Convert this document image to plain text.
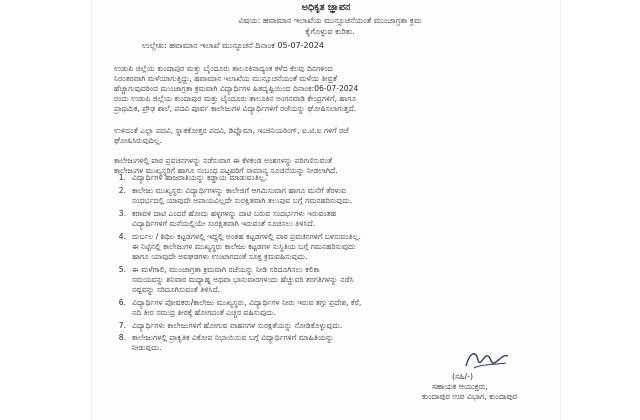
ಅಧಿಕೃತ ಜ್ಞಾಪನ
ವಿಷಯ: ಹವಾಮಾನ ಇಲಾಖೆಯ ಮುನ್ಸೂಚನೆಯಂತೆ ಮುಂಜಾಗ್ರತಾ ಕ್ರಮ
ಕೈಗೊಳ್ಳುವ ಕುರಿತು.
ಉಲ್ಲೇಖ: ಹವಾಮಾನ ಇಲಾಖೆ ಮುನ್ಸೂಚನೆ ದಿನಾಂಕ 05-07-2024
ಉಡುಪಿ ಜಿಲ್ಲೆಯ ಕುಂದಾಪುರ ಮತ್ತು ಬೈಂದೂರು ತಾಲೂಕಿನಾದ್ಯಂತ ಕಳೆದ ಕೆಲವು ದಿನಗಳಿಂದ
ನಿರಂತರವಾಗಿ ಮಳೆಯಾಗುತ್ತಿದ್ದು, ಹವಾಮಾನ ಇಲಾಖೆಯ ಮುನ್ಸೂಚನೆಯಂತೆ ಮಳೆಯ ತೀವ್ರತೆ
ಹೆಚ್ಚಾಗುವುದರಿಂದ ಮುಂಜಾಗ್ರತಾ ಕ್ರಮವಾಗಿ ವಿದ್ಯಾರ್ಥಿಗಳ ಹಿತದೃಷ್ಟಿಯಿಂದ ದಿನಾಂಕ:06-07-2024
ರಂದು ಉಡುಪಿ ಜಿಲ್ಲೆಯ ಕುಂದಾಪುರ ಮತ್ತು ಬೈಂದೂರು ತಾಲೂಕಿನ ಅಂಗನವಾಡಿ ಕೇಂದ್ರಗಳಿಗೆ, ಹಾಗೂ
ಪ್ರಾಥಮಿಕ, ಪ್ರೌಢ ಶಾಲೆ, ಪದವಿ ಪೂರ್ವ ಕಾಲೇಜುಗಳ ವಿದ್ಯಾರ್ಥಿಗಳಿಗೆ ರಜೆಯನ್ನು ಘೋಷಿಸಲಾಗುತ್ತದೆ.
ಉಳಿದಂತೆ ಎಲ್ಲಾ ಪದವಿ, ಸ್ನಾತಕೋತ್ತರ ಪದವಿ, ಡಿಪ್ಲೊಮಾ, ಇಂಜಿನಿಯರಿಂಗ್, ಐ.ಟಿ.ಐ ಗಳಿಗೆ ರಜೆ
ಘೋಷಿಸಿರುವುದಿಲ್ಲ.
ಕಾಲೇಜುಗಳಲ್ಲಿ ಪಾಠ ಪ್ರವಚನಗಳನ್ನು ನಡೆಸುವಾಗ ಈ ಕೆಳಕಂಡ ಅಂಶಗಳನ್ನು ಪರಿಗಣಿಸುವಂತೆ
ಕಾಲೇಜುಗಳ ಮುಖ್ಯಸ್ಥರಿಗೆ ಹಾಗೂ ಸಂಬಂಧ ಪಟ್ಟವರಿಗೆ ಸಾಮಾನ್ಯ ಸೂಚನೆಯನ್ನು ನೀಡಲಾಗಿದೆ.

1. ವಿದ್ಯಾರ್ಥಿಗಳ ಹಾಜರಾತಿಯನ್ನು ಕಡ್ಡಾಯ ಮಾಡುವಂತಿಲ್ಲ.

2. ಕಾಲೇಜು ಮುಖ್ಯಸ್ಥರು ವಿದ್ಯಾರ್ಥಿಗಳನ್ನು ಕಾಲೇಜಿಗೆ ಆಗಮಿಸುವಾಗ ಹಾಗೂ ಮನೆಗೆ ತೆರಳುವ
ಸಂಧರ್ಭದಲ್ಲಿ ಯಾವುದೇ ಅಪಾಯವಿಲ್ಲದೇ ಸುರಕ್ಷಿತವಾಗಿ ತಲುಪುವ ಬಗ್ಗೆ ಗಮನಹರಿಸುವುದು.

3. ಕರಾವಳಿ ದಾಟಿ ಎಂದರೆ ಹೋದು ಹಳ್ಳಗಳನ್ನು ದಾಟಿ ಬರುವ ಸಂದರ್ಭಗಳು ಇರುವಂತಹ
ವಿದ್ಯಾರ್ಥಿಗಳಿಗೆ ಮನೆಯಲ್ಲಿಯೇ ಸುರಕ್ಷಿತವಾಗಿ ಇರುವಂತೆ ಸೂಚಿಸಲು ತಿಳಿಸಿದೆ.

4. ದುರ್ಬಲ / ಶಿಥಿಲ ಕಟ್ಟಡಗಳಲ್ಲಿ ಇದ್ದಲ್ಲಿ ಅಂತಹ ಕಟ್ಟಡಗಳಲ್ಲಿ ಪಾಠ ಪ್ರವಚನಗಳಿಗೆ ಬಳಸುವಂತಿಲ್ಲ.
ಈ ನಿಟ್ಟಿನಲ್ಲಿ ಕಾಲೇಜುಗಳ ಮುಖ್ಯಸ್ಥರು ಕಾಲೇಜು ಕಟ್ಟಡಗಳ ಸುಸ್ಥಿತಿಯ ಬಗ್ಗೆ ಗಮನಹರಿಸುವುದು
ಹಾಗೂ ಯಾವುದೇ ಅವಘಡಗಳು ಉಂಟಾಗದಂತೆ ಸೂಕ್ತ ಕ್ರಮವಹಿಸುವುದು.

5. ಈ ಮಳೆಗಾಲಿ, ಮುಂಜಾಗ್ರತಾ ಕ್ರಮವಾಗಿ ರಜೆಯನ್ನು ನೀಡಿ ಸರಿದೂಗಿಸಲು ಕಲಿಕಾ
ಸಮಯವನ್ನು ಶನಿವಾರ ಮಧ್ಯಾಹ್ನ ಅಥವಾ ಭಾನುವಾರಗಳಂದು ಹೆಚ್ಚುವರಿ ತರಗತಿಗಳನ್ನು ನಡೆಸಿ
ನಷ್ಟವನ್ನು ಸರಿದೂಗಿಸುವಂತೆ ತಿಳಿಸಿದೆ.

6. ವಿದ್ಯಾರ್ಥಿಗಳ ಪೋಷಕರು/ಕಾಲೇಜು ಮುಖ್ಯಸ್ಥರು, ವಿದ್ಯಾರ್ಥಿಗಳ ನೀರು ಇರುವ ತಗ್ಗು ಪ್ರದೇಶ, ಕೆರೆ,
ನದಿ ತೀರ ಸಮುದ್ರ ತೀರಕ್ಕೆ ಹೋಗದಂತೆ ಎಚ್ಚರ ವಹಿಸುವುದು.

7. ವಿದ್ಯಾರ್ಥಿಗಳು ಕಾಲೇಜುಗಳಿಗೆ ಹೋಗುವ ವಾಹನಗಳ ಸುರಕ್ಷತೆಯನ್ನು ನೋಡಿಕೊಳ್ಳುವುದು.

8. ಕಾಲೇಜುಗಳಲ್ಲಿ ಪ್ರಾಕೃತಿಕ ವಿಕೋಪ ನಿಭಾಯಿಸುವ ಬಗ್ಗೆ ವಿದ್ಯಾರ್ಥಿಗಳಿಗೆ ಮಾಹಿತಿಯನ್ನು
ನೀಡುವುದು.

(ಸಹಿ/-)
ಸಹಾಯಕ ಆಯುಕ್ತರು,
ಕುಂದಾಪುರ ಉಪ ವಿಭಾಗ, ಕುಂದಾಪುರ
